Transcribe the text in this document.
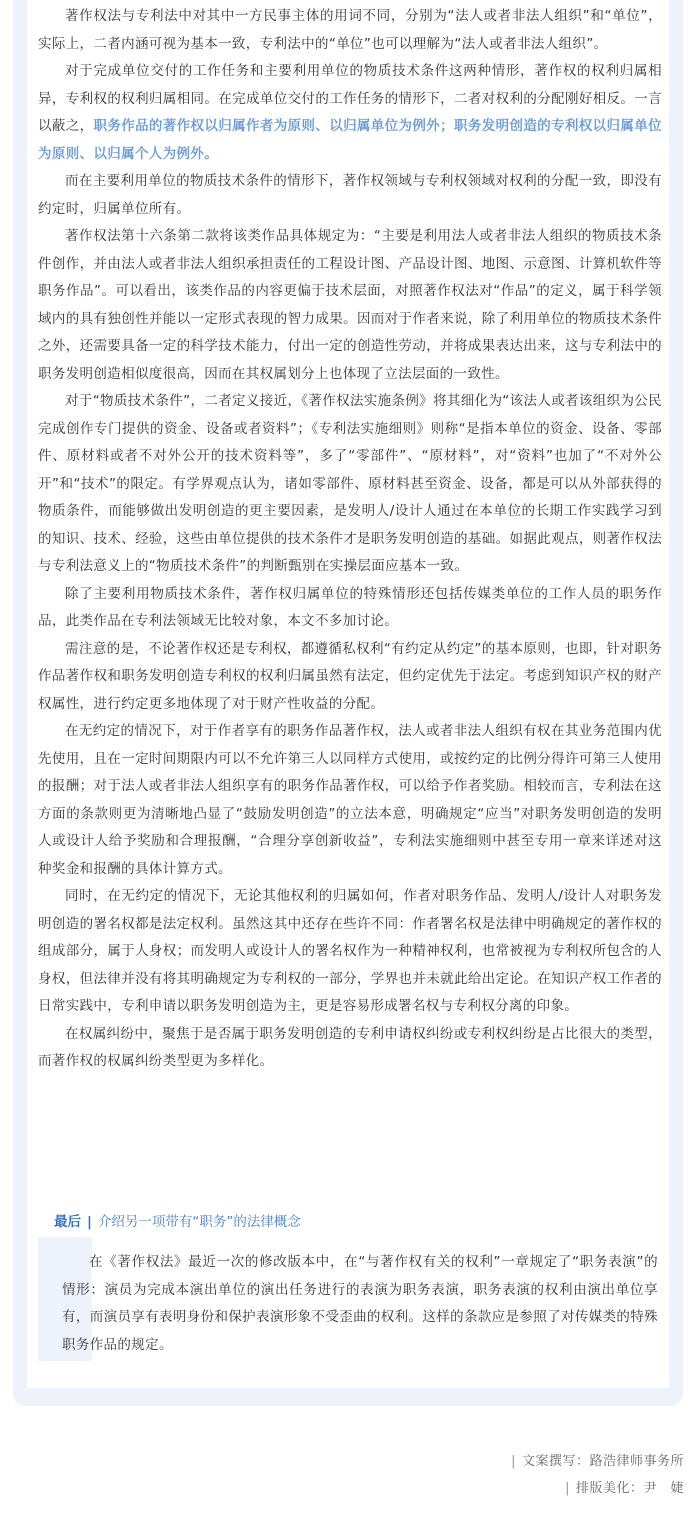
著作权法与专利法中对其中一方民事主体的用词不同，分别为“法人或者非法人组织”和“单位”，实际上，二者内涵可视为基本一致，专利法中的“单位”也可以理解为“法人或者非法人组织”。

对于完成单位交付的工作任务和主要利用单位的物质技术条件这两种情形，著作权的权利归属相异，专利权的权利归属相同。在完成单位交付的工作任务的情形下，二者对权利的分配刚好相反。一言以蔽之，职务作品的著作权以归属作者为原则、以归属单位为例外；职务发明创造的专利权以归属单位为原则、以归属个人为例外。

而在主要利用单位的物质技术条件的情形下，著作权领域与专利权领域对权利的分配一致，即没有约定时，归属单位所有。

著作权法第十六条第二款将该类作品具体规定为：“主要是利用法人或者非法人组织的物质技术条件创作，并由法人或者非法人组织承担责任的工程设计图、产品设计图、地图、示意图、计算机软件等职务作品”。可以看出，该类作品的内容更偏于技术层面，对照著作权法对“作品”的定义，属于科学领域内的具有独创性并能以一定形式表现的智力成果。因而对于作者来说，除了利用单位的物质技术条件之外，还需要具备一定的科学技术能力，付出一定的创造性劳动，并将成果表达出来，这与专利法中的职务发明创造相似度很高，因而在其权属划分上也体现了立法层面的一致性。

对于“物质技术条件”，二者定义接近，《著作权法实施条例》将其细化为“该法人或者该组织为公民完成创作专门提供的资金、设备或者资料”；《专利法实施细则》则称“是指本单位的资金、设备、零部件、原材料或者不对外公开的技术资料等”，多了“零部件”、“原材料”，对“资料”也加了“不对外公开”和“技术”的限定。有学界观点认为，诸如零部件、原材料甚至资金、设备，都是可以从外部获得的物质条件，而能够做出发明创造的更主要因素，是发明人/设计人通过在本单位的长期工作实践学习到的知识、技术、经验，这些由单位提供的技术条件才是职务发明创造的基础。如据此观点，则著作权法与专利法意义上的“物质技术条件”的判断甄别在实操层面应基本一致。

除了主要利用物质技术条件，著作权归属单位的特殊情形还包括传媒类单位的工作人员的职务作品，此类作品在专利法领域无比较对象，本文不多加讨论。

需注意的是，不论著作权还是专利权，都遵循私权利“有约定从约定”的基本原则，也即，针对职务作品著作权和职务发明创造专利权的权利归属虽然有法定，但约定优先于法定。考虑到知识产权的财产权属性，进行约定更多地体现了对于财产性收益的分配。

在无约定的情况下，对于作者享有的职务作品著作权，法人或者非法人组织有权在其业务范围内优先使用，且在一定时间期限内可以不允许第三人以同样方式使用，或按约定的比例分得许可第三人使用的报酬；对于法人或者非法人组织享有的职务作品著作权，可以给予作者奖励。相较而言，专利法在这方面的条款则更为清晰地凸显了“鼓励发明创造”的立法本意，明确规定“应当”对职务发明创造的发明人或设计人给予奖励和合理报酬，“合理分享创新收益”，专利法实施细则中甚至专用一章来详述对这种奖金和报酬的具体计算方式。

同时，在无约定的情况下，无论其他权利的归属如何，作者对职务作品、发明人/设计人对职务发明创造的署名权都是法定权利。虽然这其中还存在些许不同：作者署名权是法律中明确规定的著作权的组成部分，属于人身权；而发明人或设计人的署名权作为一种精神权利，也常被视为专利权所包含的人身权，但法律并没有将其明确规定为专利权的一部分，学界也并未就此给出定论。在知识产权工作者的日常实践中，专利申请以职务发明创造为主，更是容易形成署名权与专利权分离的印象。

在权属纠纷中，聚焦于是否属于职务发明创造的专利申请权纠纷或专利权纠纷是占比很大的类型，而著作权的权属纠纷类型更为多样化。

最后 | 介绍另一项带有“职务”的法律概念

在《著作权法》最近一次的修改版本中，在“与著作权有关的权利”一章规定了“职务表演”的情形：演员为完成本演出单位的演出任务进行的表演为职务表演，职务表演的权利由演出单位享有，而演员享有表明身份和保护表演形象不受歪曲的权利。这样的条款应是参照了对传媒类的特殊职务作品的规定。

| 文案撰写：路浩律师事务所
| 排版美化：尹　婕
